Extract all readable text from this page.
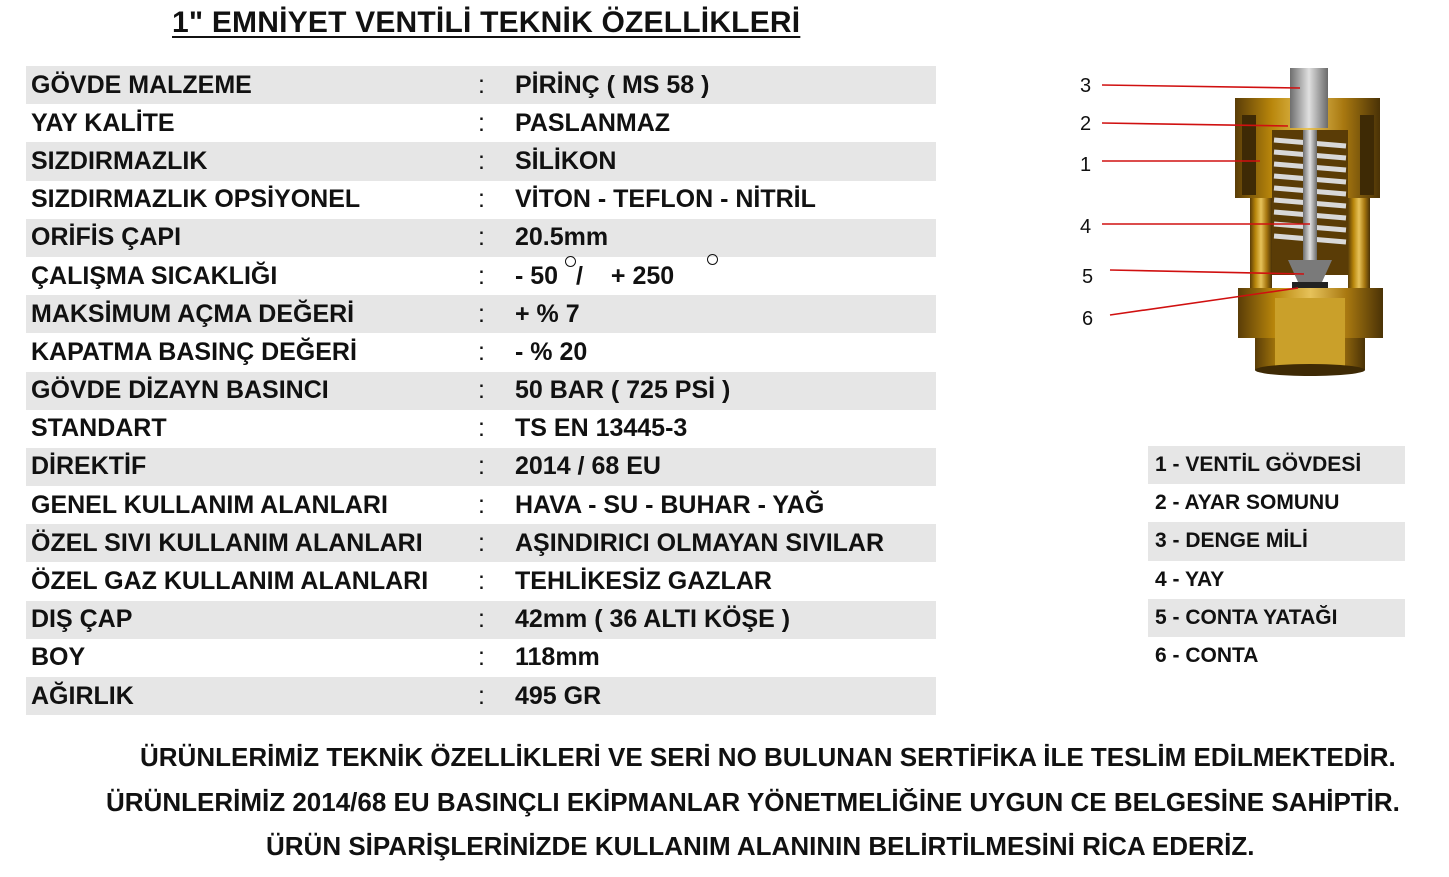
1" EMNİYET VENTİLİ TEKNİK ÖZELLİKLERİ
GÖVDE MALZEME	:	PİRİNÇ ( MS 58 )
YAY KALİTE	:	PASLANMAZ
SIZDIRMAZLIK	:	SİLİKON
SIZDIRMAZLIK OPSİYONEL	:	VİTON - TEFLON - NİTRİL
ORİFİS ÇAPI	:	20.5mm
ÇALIŞMA SICAKLIĞI	:	- 50 / + 250
MAKSİMUM AÇMA DEĞERİ	:	+ % 7
KAPATMA BASINÇ DEĞERİ	:	- % 20
GÖVDE DİZAYN BASINCI	:	50 BAR ( 725 PSİ )
STANDART	:	TS EN 13445-3
DİREKTİF	:	2014 / 68 EU
GENEL KULLANIM ALANLARI	:	HAVA - SU - BUHAR - YAĞ
ÖZEL SIVI KULLANIM ALANLARI	:	AŞINDIRICI OLMAYAN SIVILAR
ÖZEL GAZ KULLANIM ALANLARI	:	TEHLİKESİZ GAZLAR
DIŞ ÇAP	:	42mm ( 36 ALTI KÖŞE )
BOY	:	118mm
AĞIRLIK	:	495 GR
3
2
1
4
5
6
1 - VENTİL GÖVDESİ
2 - AYAR SOMUNU
3 - DENGE MİLİ
4 - YAY
5 - CONTA YATAĞI
6 - CONTA
ÜRÜNLERİMİZ TEKNİK ÖZELLİKLERİ VE SERİ NO BULUNAN SERTİFİKA İLE TESLİM EDİLMEKTEDİR.
ÜRÜNLERİMİZ 2014/68 EU BASINÇLI EKİPMANLAR YÖNETMELİĞİNE UYGUN CE BELGESİNE SAHİPTİR.
ÜRÜN SİPARİŞLERİNİZDE KULLANIM ALANININ BELİRTİLMESİNİ RİCA EDERİZ.
